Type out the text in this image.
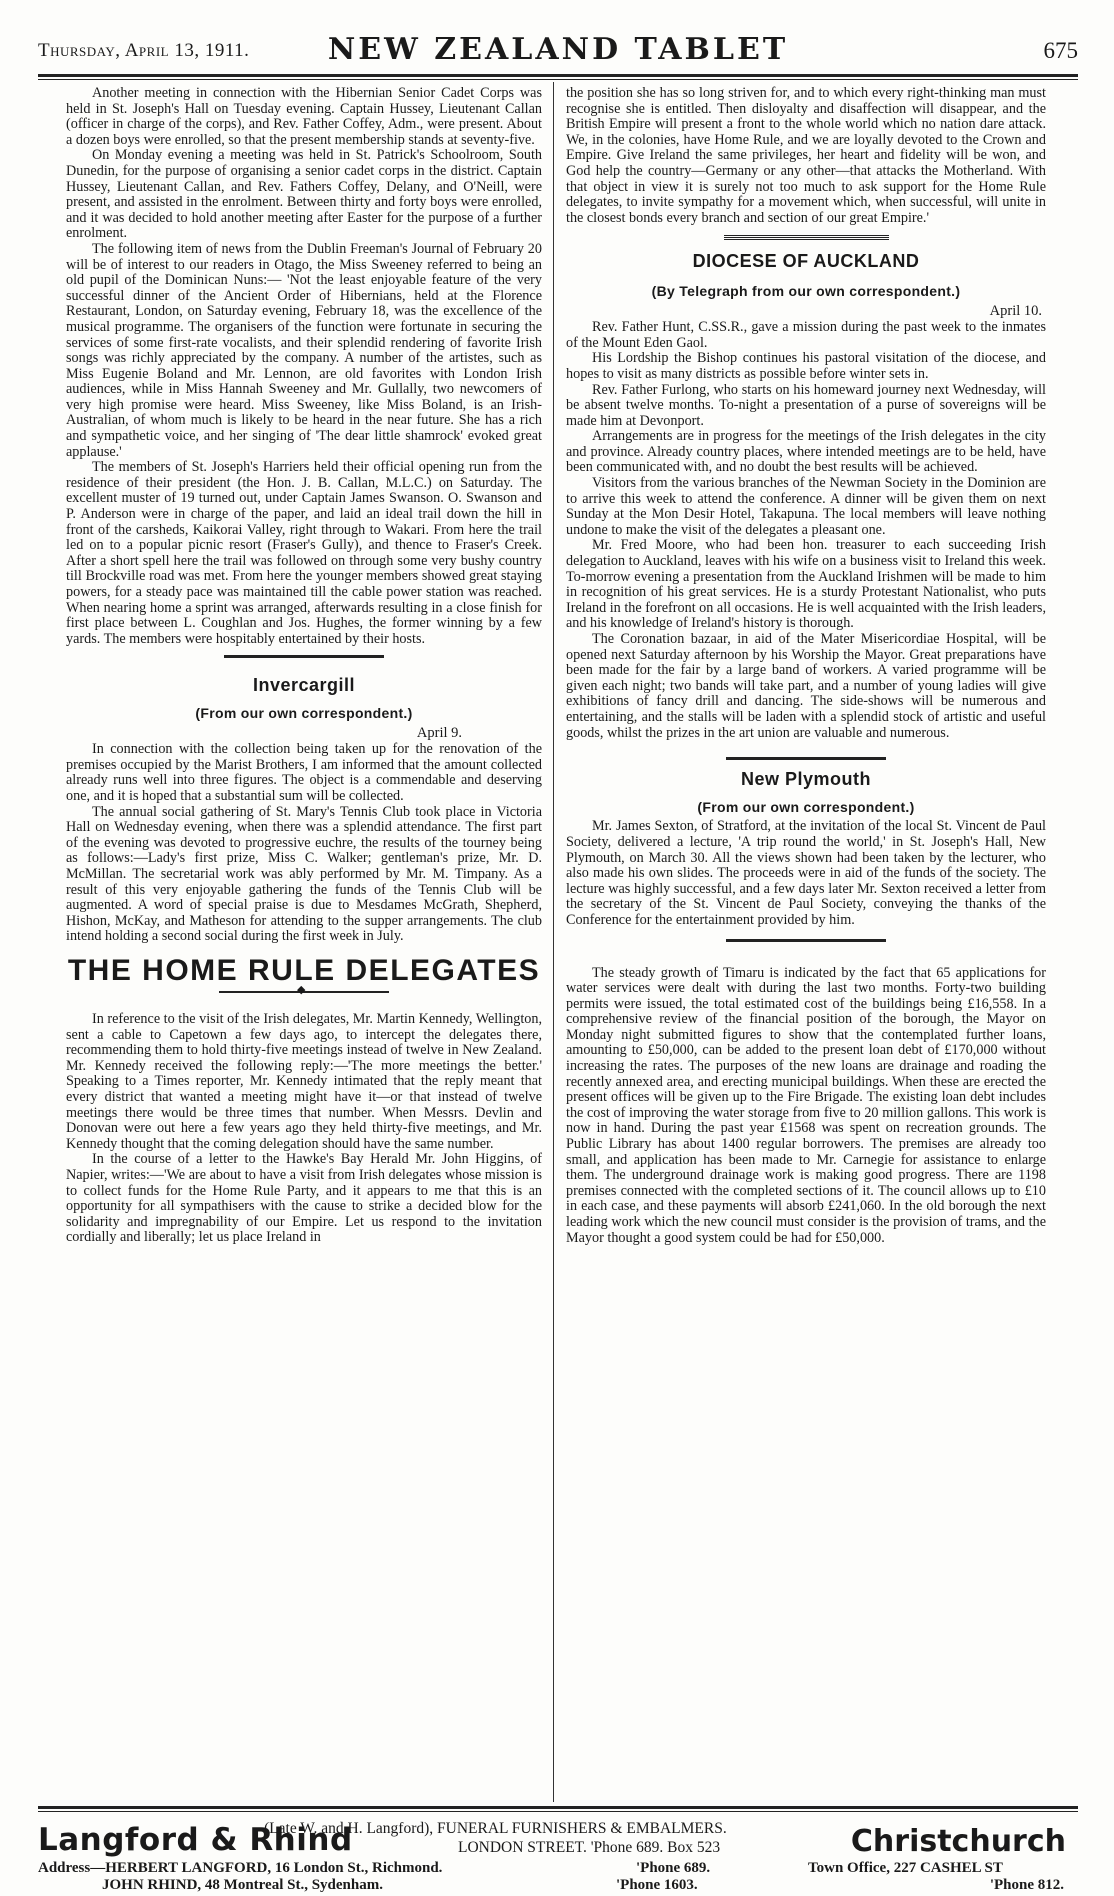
Thursday, April 13, 1911.	NEW ZEALAND TABLET	675

Another meeting in connection with the Hibernian Senior Cadet Corps was held in St. Joseph's Hall on Tuesday evening. Captain Hussey, Lieutenant Callan (officer in charge of the corps), and Rev. Father Coffey, Adm., were present. About a dozen boys were enrolled, so that the present membership stands at seventy-five.

On Monday evening a meeting was held in St. Patrick's Schoolroom, South Dunedin, for the purpose of organising a senior cadet corps in the district. Captain Hussey, Lieutenant Callan, and Rev. Fathers Coffey, Delany, and O'Neill, were present, and assisted in the enrolment. Between thirty and forty boys were enrolled, and it was decided to hold another meeting after Easter for the purpose of a further enrolment.

The following item of news from the Dublin Freeman's Journal of February 20 will be of interest to our readers in Otago, the Miss Sweeney referred to being an old pupil of the Dominican Nuns:— 'Not the least enjoyable feature of the very successful dinner of the Ancient Order of Hibernians, held at the Florence Restaurant, London, on Saturday evening, February 18, was the excellence of the musical programme. The organisers of the function were fortunate in securing the services of some first-rate vocalists, and their splendid rendering of favorite Irish songs was richly appreciated by the company. A number of the artistes, such as Miss Eugenie Boland and Mr. Lennon, are old favorites with London Irish audiences, while in Miss Hannah Sweeney and Mr. Gullally, two newcomers of very high promise were heard. Miss Sweeney, like Miss Boland, is an Irish-Australian, of whom much is likely to be heard in the near future. She has a rich and sympathetic voice, and her singing of 'The dear little shamrock' evoked great applause.'

The members of St. Joseph's Harriers held their official opening run from the residence of their president (the Hon. J. B. Callan, M.L.C.) on Saturday. The excellent muster of 19 turned out, under Captain James Swanson. O. Swanson and P. Anderson were in charge of the paper, and laid an ideal trail down the hill in front of the carsheds, Kaikorai Valley, right through to Wakari. From here the trail led on to a popular picnic resort (Fraser's Gully), and thence to Fraser's Creek. After a short spell here the trail was followed on through some very bushy country till Brockville road was met. From here the younger members showed great staying powers, for a steady pace was maintained till the cable power station was reached. When nearing home a sprint was arranged, afterwards resulting in a close finish for first place between L. Coughlan and Jos. Hughes, the former winning by a few yards. The members were hospitably entertained by their hosts.

Invercargill
(From our own correspondent.)
April 9.

In connection with the collection being taken up for the renovation of the premises occupied by the Marist Brothers, I am informed that the amount collected already runs well into three figures. The object is a commendable and deserving one, and it is hoped that a substantial sum will be collected.

The annual social gathering of St. Mary's Tennis Club took place in Victoria Hall on Wednesday evening, when there was a splendid attendance. The first part of the evening was devoted to progressive euchre, the results of the tourney being as follows:—Lady's first prize, Miss C. Walker; gentleman's prize, Mr. D. McMillan. The secretarial work was ably performed by Mr. M. Timpany. As a result of this very enjoyable gathering the funds of the Tennis Club will be augmented. A word of special praise is due to Mesdames McGrath, Shepherd, Hishon, McKay, and Matheson for attending to the supper arrangements. The club intend holding a second social during the first week in July.

THE HOME RULE DELEGATES
◆

In reference to the visit of the Irish delegates, Mr. Martin Kennedy, Wellington, sent a cable to Capetown a few days ago, to intercept the delegates there, recommending them to hold thirty-five meetings instead of twelve in New Zealand. Mr. Kennedy received the following reply:—'The more meetings the better.' Speaking to a Times reporter, Mr. Kennedy intimated that the reply meant that every district that wanted a meeting might have it—or that instead of twelve meetings there would be three times that number. When Messrs. Devlin and Donovan were out here a few years ago they held thirty-five meetings, and Mr. Kennedy thought that the coming delegation should have the same number.

In the course of a letter to the Hawke's Bay Herald Mr. John Higgins, of Napier, writes:—'We are about to have a visit from Irish delegates whose mission is to collect funds for the Home Rule Party, and it appears to me that this is an opportunity for all sympathisers with the cause to strike a decided blow for the solidarity and impregnability of our Empire. Let us respond to the invitation cordially and liberally; let us place Ireland in

the position she has so long striven for, and to which every right-thinking man must recognise she is entitled. Then disloyalty and disaffection will disappear, and the British Empire will present a front to the whole world which no nation dare attack. We, in the colonies, have Home Rule, and we are loyally devoted to the Crown and Empire. Give Ireland the same privileges, her heart and fidelity will be won, and God help the country—Germany or any other—that attacks the Motherland. With that object in view it is surely not too much to ask support for the Home Rule delegates, to invite sympathy for a movement which, when successful, will unite in the closest bonds every branch and section of our great Empire.'

DIOCESE OF AUCKLAND
(By Telegraph from our own correspondent.)
April 10.

Rev. Father Hunt, C.SS.R., gave a mission during the past week to the inmates of the Mount Eden Gaol.

His Lordship the Bishop continues his pastoral visitation of the diocese, and hopes to visit as many districts as possible before winter sets in.

Rev. Father Furlong, who starts on his homeward journey next Wednesday, will be absent twelve months. To-night a presentation of a purse of sovereigns will be made him at Devonport.

Arrangements are in progress for the meetings of the Irish delegates in the city and province. Already country places, where intended meetings are to be held, have been communicated with, and no doubt the best results will be achieved.

Visitors from the various branches of the Newman Society in the Dominion are to arrive this week to attend the conference. A dinner will be given them on next Sunday at the Mon Desir Hotel, Takapuna. The local members will leave nothing undone to make the visit of the delegates a pleasant one.

Mr. Fred Moore, who had been hon. treasurer to each succeeding Irish delegation to Auckland, leaves with his wife on a business visit to Ireland this week. To-morrow evening a presentation from the Auckland Irishmen will be made to him in recognition of his great services. He is a sturdy Protestant Nationalist, who puts Ireland in the forefront on all occasions. He is well acquainted with the Irish leaders, and his knowledge of Ireland's history is thorough.

The Coronation bazaar, in aid of the Mater Misericordiae Hospital, will be opened next Saturday afternoon by his Worship the Mayor. Great preparations have been made for the fair by a large band of workers. A varied programme will be given each night; two bands will take part, and a number of young ladies will give exhibitions of fancy drill and dancing. The side-shows will be numerous and entertaining, and the stalls will be laden with a splendid stock of artistic and useful goods, whilst the prizes in the art union are valuable and numerous.

New Plymouth
(From our own correspondent.)

Mr. James Sexton, of Stratford, at the invitation of the local St. Vincent de Paul Society, delivered a lecture, 'A trip round the world,' in St. Joseph's Hall, New Plymouth, on March 30. All the views shown had been taken by the lecturer, who also made his own slides. The proceeds were in aid of the funds of the society. The lecture was highly successful, and a few days later Mr. Sexton received a letter from the secretary of the St. Vincent de Paul Society, conveying the thanks of the Conference for the entertainment provided by him.

The steady growth of Timaru is indicated by the fact that 65 applications for water services were dealt with during the last two months. Forty-two building permits were issued, the total estimated cost of the buildings being £16,558. In a comprehensive review of the financial position of the borough, the Mayor on Monday night submitted figures to show that the contemplated further loans, amounting to £50,000, can be added to the present loan debt of £170,000 without increasing the rates. The purposes of the new loans are drainage and roading the recently annexed area, and erecting municipal buildings. When these are erected the present offices will be given up to the Fire Brigade. The existing loan debt includes the cost of improving the water storage from five to 20 million gallons. This work is now in hand. During the past year £1568 was spent on recreation grounds. The Public Library has about 1400 regular borrowers. The premises are already too small, and application has been made to Mr. Carnegie for assistance to enlarge them. The underground drainage work is making good progress. There are 1198 premises connected with the completed sections of it. The council allows up to £10 in each case, and these payments will absorb £241,060. In the old borough the next leading work which the new council must consider is the provision of trams, and the Mayor thought a good system could be had for £50,000.

Langford & Rhind
(Late W. and H. Langford), FUNERAL FURNISHERS & EMBALMERS.
LONDON STREET. 'Phone 689. Box 523	Christchurch
Address—HERBERT LANGFORD, 16 London St., Richmond.
JOHN RHIND, 48 Montreal St., Sydenham.
'Phone 689.
'Phone 1603.
Town Office, 227 CASHEL ST
'Phone 812.
